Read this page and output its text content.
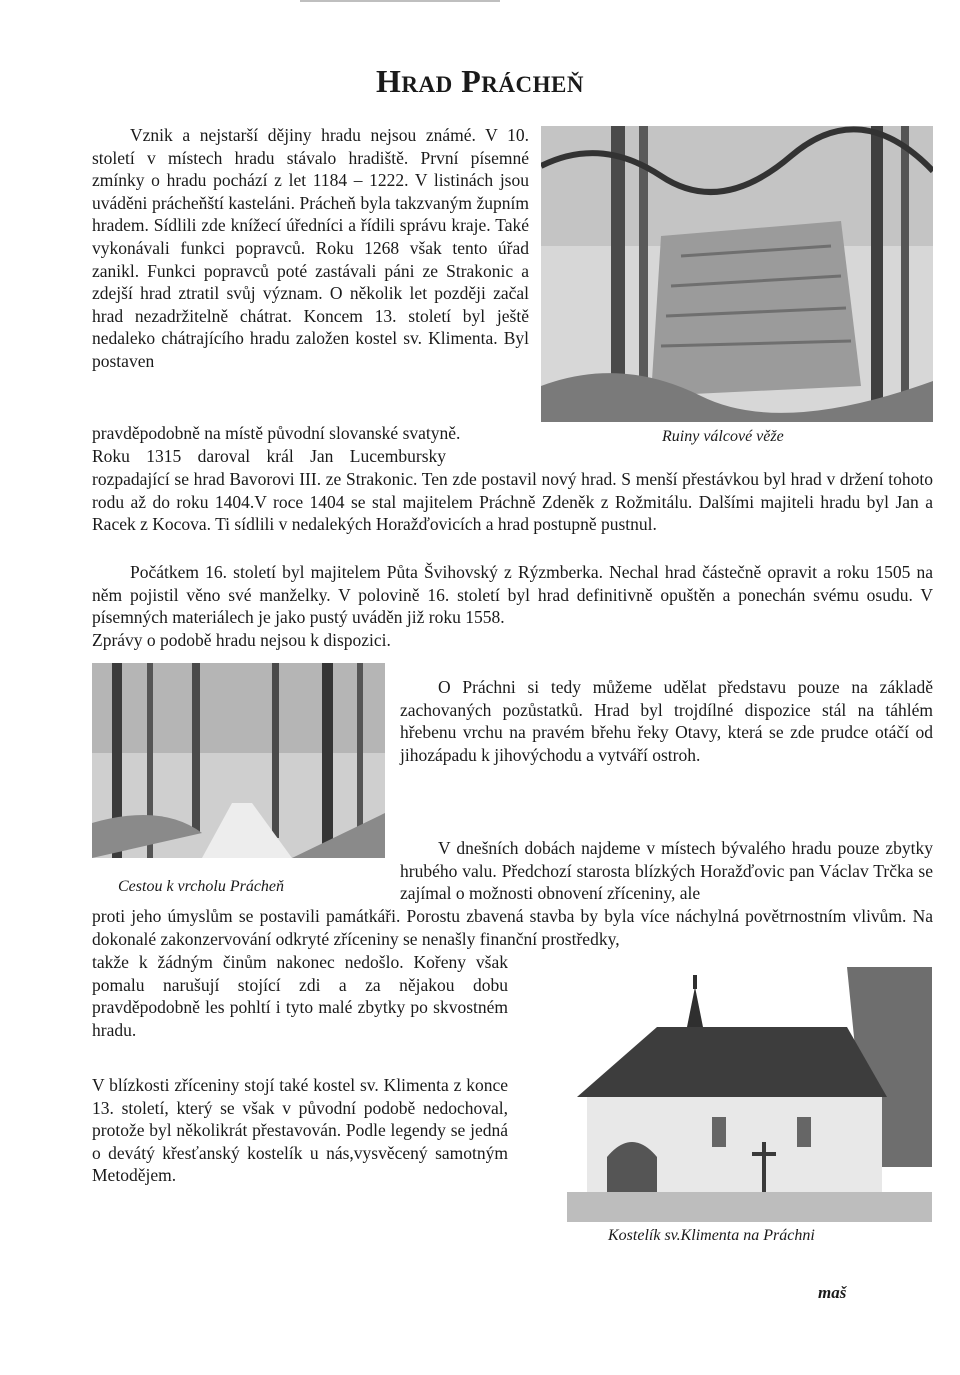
HRAD PRÁCHEŇ

Vznik a nejstarší dějiny hradu nejsou známé. V 10. století v místech hradu stávalo hradiště. První písemné zmínky o hradu pochází z let 1184 – 1222. V listinách jsou uváděni prácheňští kasteláni. Prácheň byla takzvaným župním hradem. Sídlili zde knížecí úředníci a řídili správu kraje. Také vykonávali funkci popravců. Roku 1268 však tento úřad zanikl. Funkci popravců poté zastávali páni ze Strakonic a zdejší hrad ztratil svůj význam. O několik let později začal hrad nezadržitelně chátrat. Koncem 13. století byl ještě nedaleko chátrajícího hradu založen kostel sv. Klimenta. Byl postaven

pravděpodobně na místě původní slovanské svatyně.	Ruiny válcové věže

Roku 1315 daroval král Jan Lucembursky

rozpadající se hrad Bavorovi III. ze Strakonic. Ten zde postavil nový hrad. S menší přestávkou byl hrad v držení tohoto rodu až do roku 1404.V roce 1404 se stal majitelem Práchně Zdeněk z Rožmitálu. Dalšími majiteli hradu byl Jan a Racek z Kocova. Ti sídlili v nedalekých Horažďovicích a hrad postupně pustnul.

Počátkem 16. století byl majitelem Půta Švihovský z Rýzmberka. Nechal hrad částečně opravit a roku 1505 na něm pojistil věno své manželky. V polovině 16. století byl hrad definitivně opuštěn a ponechán svému osudu. V písemných materiálech je jako pustý uváděn již roku 1558.

Zprávy o podobě hradu nejsou k dispozici.

O Práchni si tedy můžeme udělat představu pouze na základě zachovaných pozůstatků. Hrad byl trojdílné dispozice stál na táhlém hřebenu vrchu na pravém břehu řeky Otavy, která se zde prudce otáčí od jihozápadu k jihovýchodu a vytváří ostroh.

V dnešních dobách najdeme v místech bývalého hradu pouze zbytky hrubého valu. Předchozí starosta blízkých Horažďovic pan Václav Trčka se zajímal o možnosti obnovení zříceniny, ale

Cestou k vrcholu Prácheň

proti jeho úmyslům se postavili památkáři. Porostu zbavená stavba by byla více náchylná povětrnostním vlivům. Na dokonalé zakonzervování odkryté zříceniny se nenašly finanční prostředky,

takže k žádným činům nakonec nedošlo. Kořeny však pomalu narušují stojící zdi a za nějakou dobu pravděpodobně les pohltí i tyto malé zbytky po skvostném hradu.

V blízkosti zříceniny stojí také kostel sv. Klimenta z konce 13. století, který se však v původní podobě nedochoval, protože byl několikrát přestavován. Podle legendy se jedná o devátý křesťanský kostelík u nás,vysvěcený samotným Metodějem.

Kostelík sv.Klimenta na Práchni

maš
